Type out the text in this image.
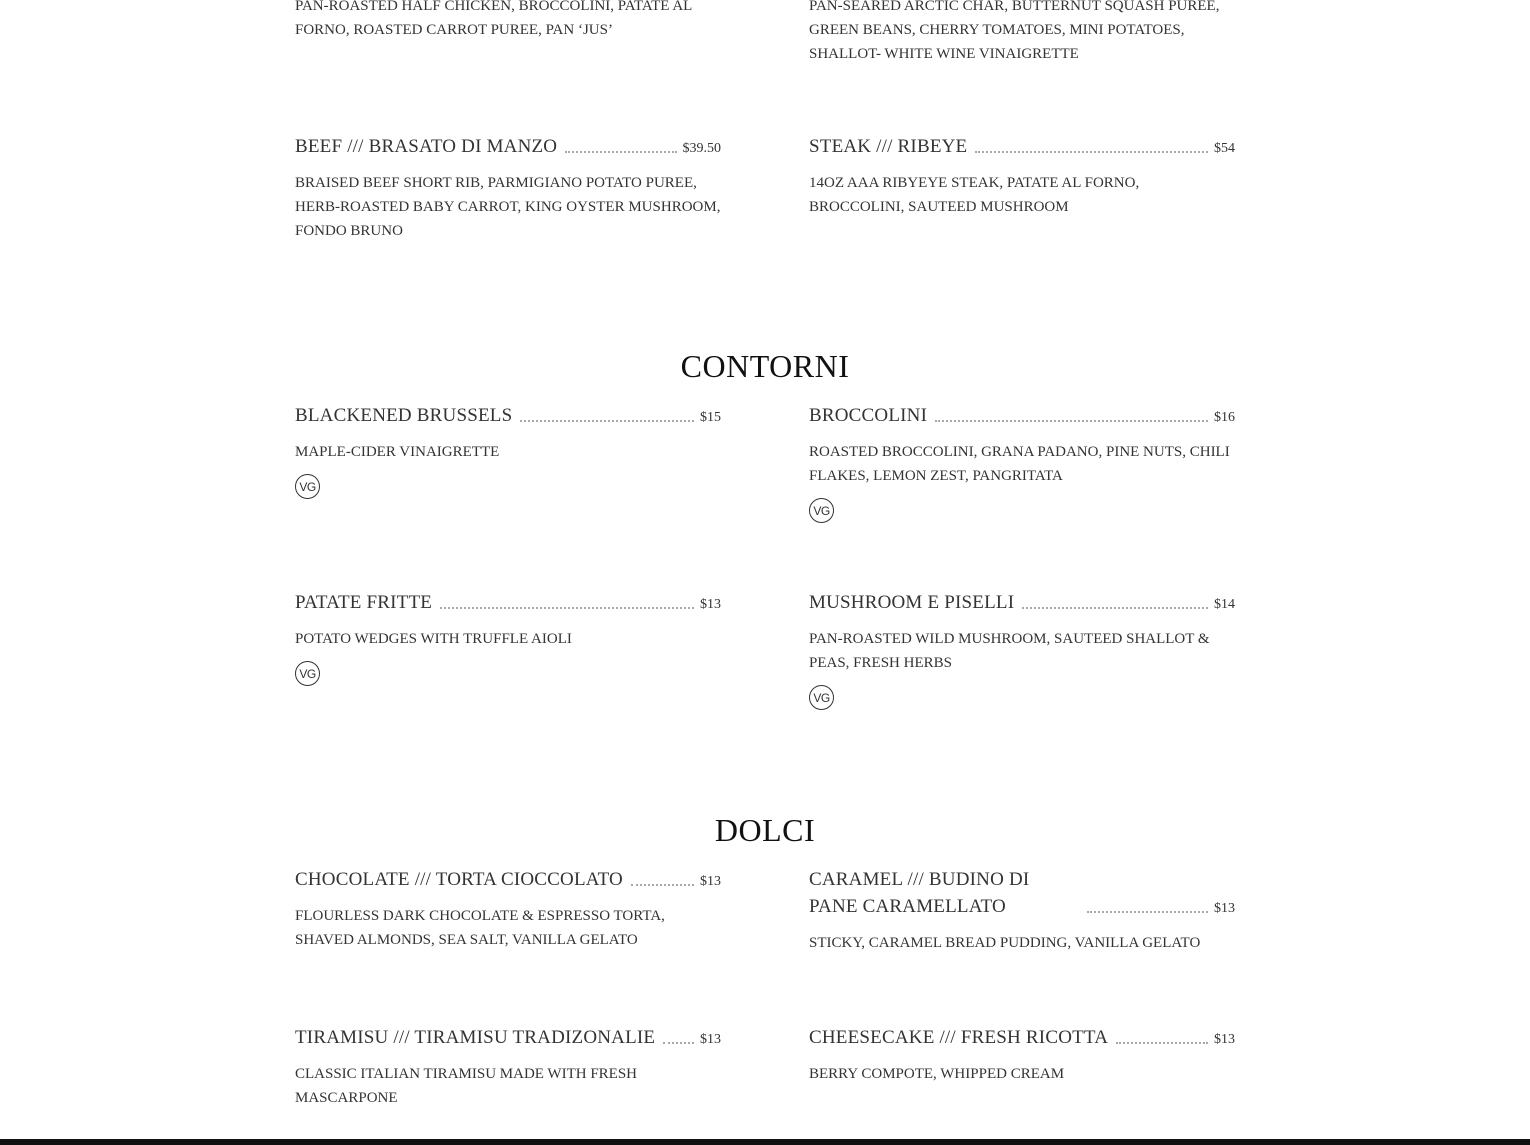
PAN-ROASTED HALF CHICKEN, BROCCOLINI, PATATE AL FORNO, ROASTED CARROT PUREE, PAN ‘JUS’
PAN-SEARED ARCTIC CHAR, BUTTERNUT SQUASH PUREE, GREEN BEANS, CHERRY TOMATOES, MINI POTATOES, SHALLOT- WHITE WINE VINAIGRETTE
BEEF /// BRASATO DI MANZO	$39.50
BRAISED BEEF SHORT RIB, PARMIGIANO POTATO PUREE, HERB-ROASTED BABY CARROT, KING OYSTER MUSHROOM, FONDO BRUNO
STEAK /// RIBEYE	$54
14OZ AAA RIBYEYE STEAK, PATATE AL FORNO, BROCCOLINI, SAUTEED MUSHROOM
CONTORNI
BLACKENED BRUSSELS	$15
MAPLE-CIDER VINAIGRETTE
VG
BROCCOLINI	$16
ROASTED BROCCOLINI, GRANA PADANO, PINE NUTS, CHILI FLAKES, LEMON ZEST, PANGRITATA
VG
PATATE FRITTE	$13
POTATO WEDGES WITH TRUFFLE AIOLI
VG
MUSHROOM E PISELLI	$14
PAN-ROASTED WILD MUSHROOM, SAUTEED SHALLOT & PEAS, FRESH HERBS
VG
DOLCI
CHOCOLATE /// TORTA CIOCCOLATO	$13
FLOURLESS DARK CHOCOLATE & ESPRESSO TORTA, SHAVED ALMONDS, SEA SALT, VANILLA GELATO
CARAMEL /// BUDINO DI PANE CARAMELLATO	$13
STICKY, CARAMEL BREAD PUDDING, VANILLA GELATO
TIRAMISU /// TIRAMISU TRADIZONALIE	$13
CLASSIC ITALIAN TIRAMISU MADE WITH FRESH MASCARPONE
CHEESECAKE /// FRESH RICOTTA	$13
BERRY COMPOTE, WHIPPED CREAM
